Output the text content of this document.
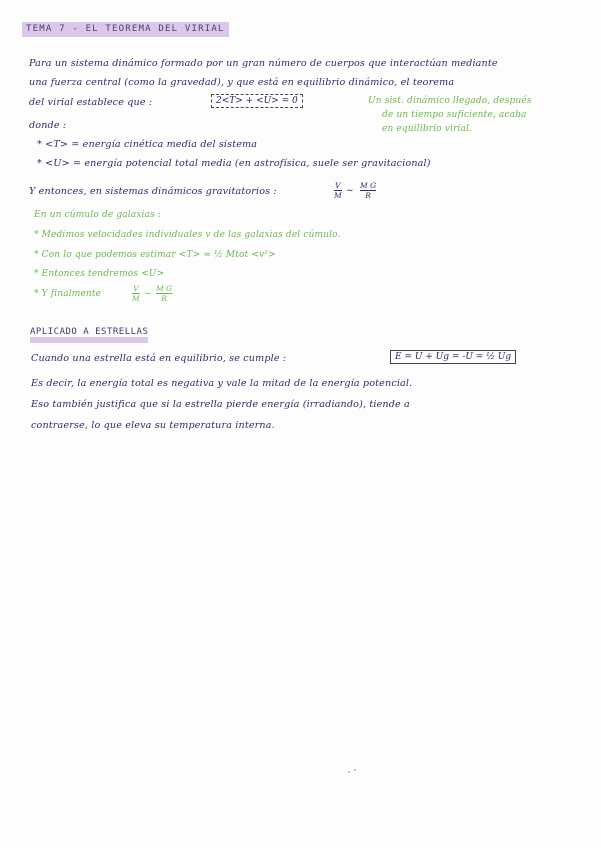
TEMA 7 - EL TEOREMA DEL VIRIAL
Para un sistema dinámico formado por un gran número de cuerpos que interactúan mediante
una fuerza central (como la gravedad), y que está en equilibrio dinámico, el teorema
del virial establece que :	2<T> + <U> = 0	Un sist. dinámico llegado, después
de un tiempo suficiente, acaba
en equilibrio virial.
donde :
* <T> = energía cinética media del sistema
* <U> = energía potencial total media (en astrofísica, suele ser gravitacional)
Y entonces, en sistemas dinámicos gravitatorios :
V
M ~
M G
R
En un cúmulo de galaxias :
* Medimos velocidades individuales v de las galaxias del cúmulo.
* Con lo que podemos estimar <T> ≈ ½ Mtot <v²>
* Entonces tendremos <U>
* Y finalmente
V
M ~
M G
R
APLICADO A ESTRELLAS
Cuando una estrella está en equilibrio, se cumple :	E = U + Ug = -U = ½ Ug
Es decir, la energía total es negativa y vale la mitad de la energía potencial.
Eso también justifica que si la estrella pierde energía (irradiando), tiende a
contraerse, lo que eleva su temperatura interna.
